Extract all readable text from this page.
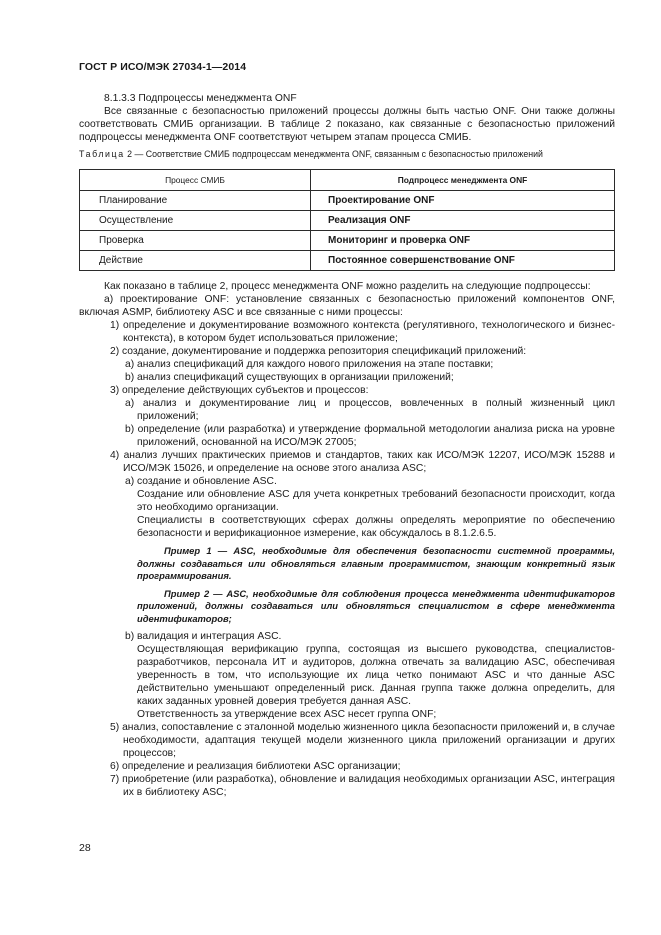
ГОСТ Р ИСО/МЭК 27034-1—2014

8.1.3.3 Подпроцессы менеджмента ONF

Все связанные с безопасностью приложений процессы должны быть частью ONF. Они также должны соответствовать СМИБ организации. В таблице 2 показано, как связанные с безопасностью приложений подпроцессы менеджмента ONF соответствуют четырем этапам процесса СМИБ.

Таблица 2 — Соответствие СМИБ подпроцессам менеджмента ONF, связанным с безопасностью приложений

Процесс СМИБ	Подпроцесс менеджмента ONF
Планирование	Проектирование ONF
Осуществление	Реализация ONF
Проверка	Мониторинг и проверка ONF
Действие	Постоянное совершенствование ONF

Как показано в таблице 2, процесс менеджмента ONF можно разделить на следующие подпроцессы:

а) проектирование ONF: установление связанных с безопасностью приложений компонентов ONF, включая ASMP, библиотеку ASC и все связанные с ними процессы:

1) определение и документирование возможного контекста (регулятивного, технологического и бизнес-контекста), в котором будет использоваться приложение;

2) создание, документирование и поддержка репозитория спецификаций приложений:

a) анализ спецификаций для каждого нового приложения на этапе поставки;

b) анализ спецификаций существующих в организации приложений;

3) определение действующих субъектов и процессов:

a) анализ и документирование лиц и процессов, вовлеченных в полный жизненный цикл приложений;

b) определение (или разработка) и утверждение формальной методологии анализа риска на уровне приложений, основанной на ИСО/МЭК 27005;

4) анализ лучших практических приемов и стандартов, таких как ИСО/МЭК 12207, ИСО/МЭК 15288 и ИСО/МЭК 15026, и определение на основе этого анализа ASC;

a) создание и обновление ASC.

Создание или обновление ASC для учета конкретных требований безопасности происходит, когда это необходимо организации.

Специалисты в соответствующих сферах должны определять мероприятие по обеспечению безопасности и верификационное измерение, как обсуждалось в 8.1.2.6.5.

Пример 1 — ASC, необходимые для обеспечения безопасности системной программы, должны создаваться или обновляться главным программистом, знающим конкретный язык программирования.

Пример 2 — ASC, необходимые для соблюдения процесса менеджмента идентификаторов приложений, должны создаваться или обновляться специалистом в сфере менеджмента идентификаторов;

b) валидация и интеграция ASC.

Осуществляющая верификацию группа, состоящая из высшего руководства, специалистов-разработчиков, персонала ИТ и аудиторов, должна отвечать за валидацию ASC, обеспечивая уверенность в том, что использующие их лица четко понимают ASC и что данные ASC действительно уменьшают определенный риск. Данная группа также должна определить, для каких заданных уровней доверия требуется данная ASC.

Ответственность за утверждение всех ASC несет группа ONF;

5) анализ, сопоставление с эталонной моделью жизненного цикла безопасности приложений и, в случае необходимости, адаптация текущей модели жизненного цикла приложений организации и других процессов;

6) определение и реализация библиотеки ASC организации;

7) приобретение (или разработка), обновление и валидация необходимых организации ASC, интеграция их в библиотеку ASC;

28
